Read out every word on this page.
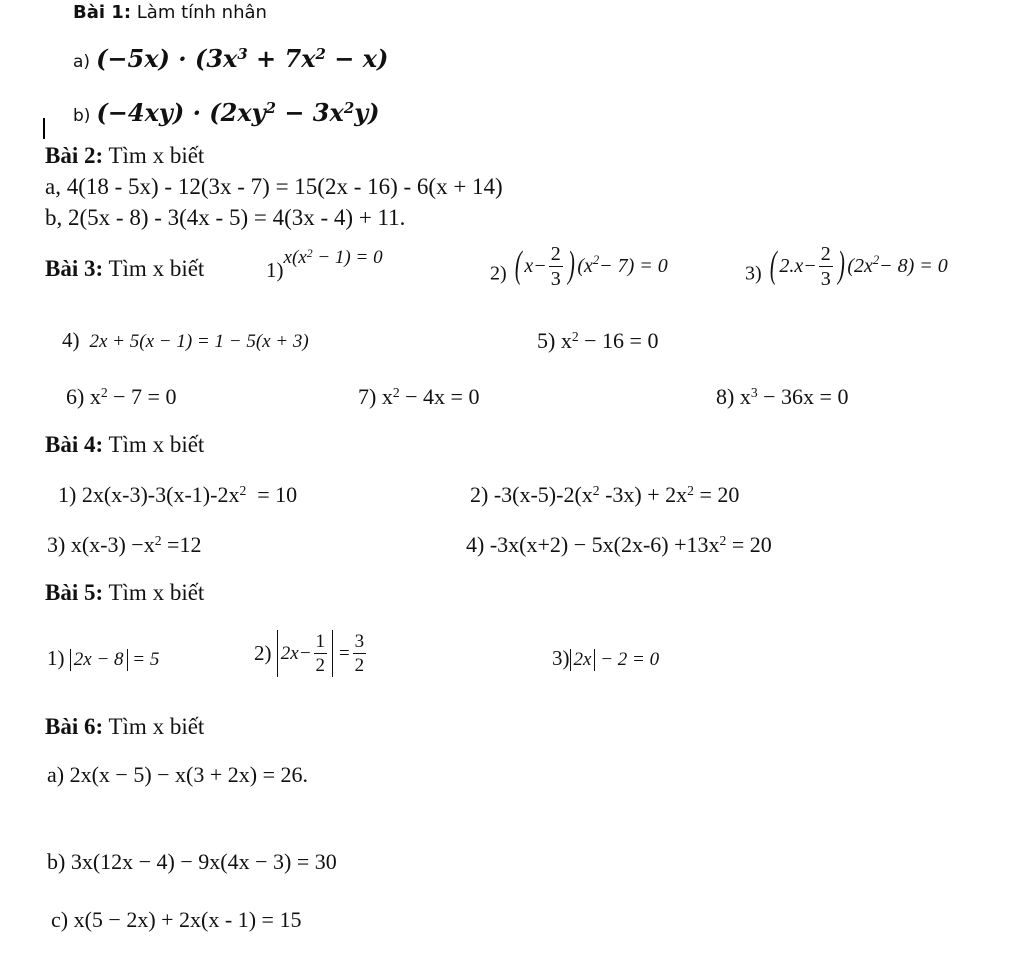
Bài 1: Làm tính nhân
a) $(-5x) \cdot (3x^3 + 7x^2 - x)$
b) $(-4xy) \cdot (2xy^2 - 3x^2y)$
Bài 2: Tìm x biết
a, 4(18 - 5x) - 12(3x - 7) = 15(2x - 16) - 6(x + 14)
b, 2(5x - 8) - 3(4x - 5) = 4(3x - 4) + 11.
Bài 3: Tìm x biết	$1)x(x^2 - 1) = 0$
2) ( $x - \frac{2}{3}$ ) ( $x^2 - 7) = 0$	3) ( 2. $x - \frac{2}{3}$ ) (2 $x^2 - 8) = 0$
4)  2x + 5(x − 1) = 1 − 5(x + 3)	5) $x^2 - 16 = 0$
6) $x^2 - 7 = 0$	7) $x^2 - 4x = 0$	8) $x^3 - 36x = 0$
Bài 4: Tìm x biết
1) $2x(x-3)-3(x-1)-2x^2 = 10$	2) $-3(x-5)-2(x^2$ $-3x) + 2x^2 = 20$
3) $x(x-3) -x^2 =12$	4) $-3x(x+2) - 5x(2x-6) +13x^2 = 20$
Bài 5: Tìm x biết
1) 2x − 8 = 5	2) 2 $x - \frac{1}{2} = \frac{3}{2}$	3) 2x − 2 = 0
Bài 6: Tìm x biết
a) 2x(x − 5) − x(3 + 2x) = 26.
b) 3x(12x − 4) − 9x(4x − 3) = 30
c) x(5 − 2x) + 2x(x - 1) = 15
